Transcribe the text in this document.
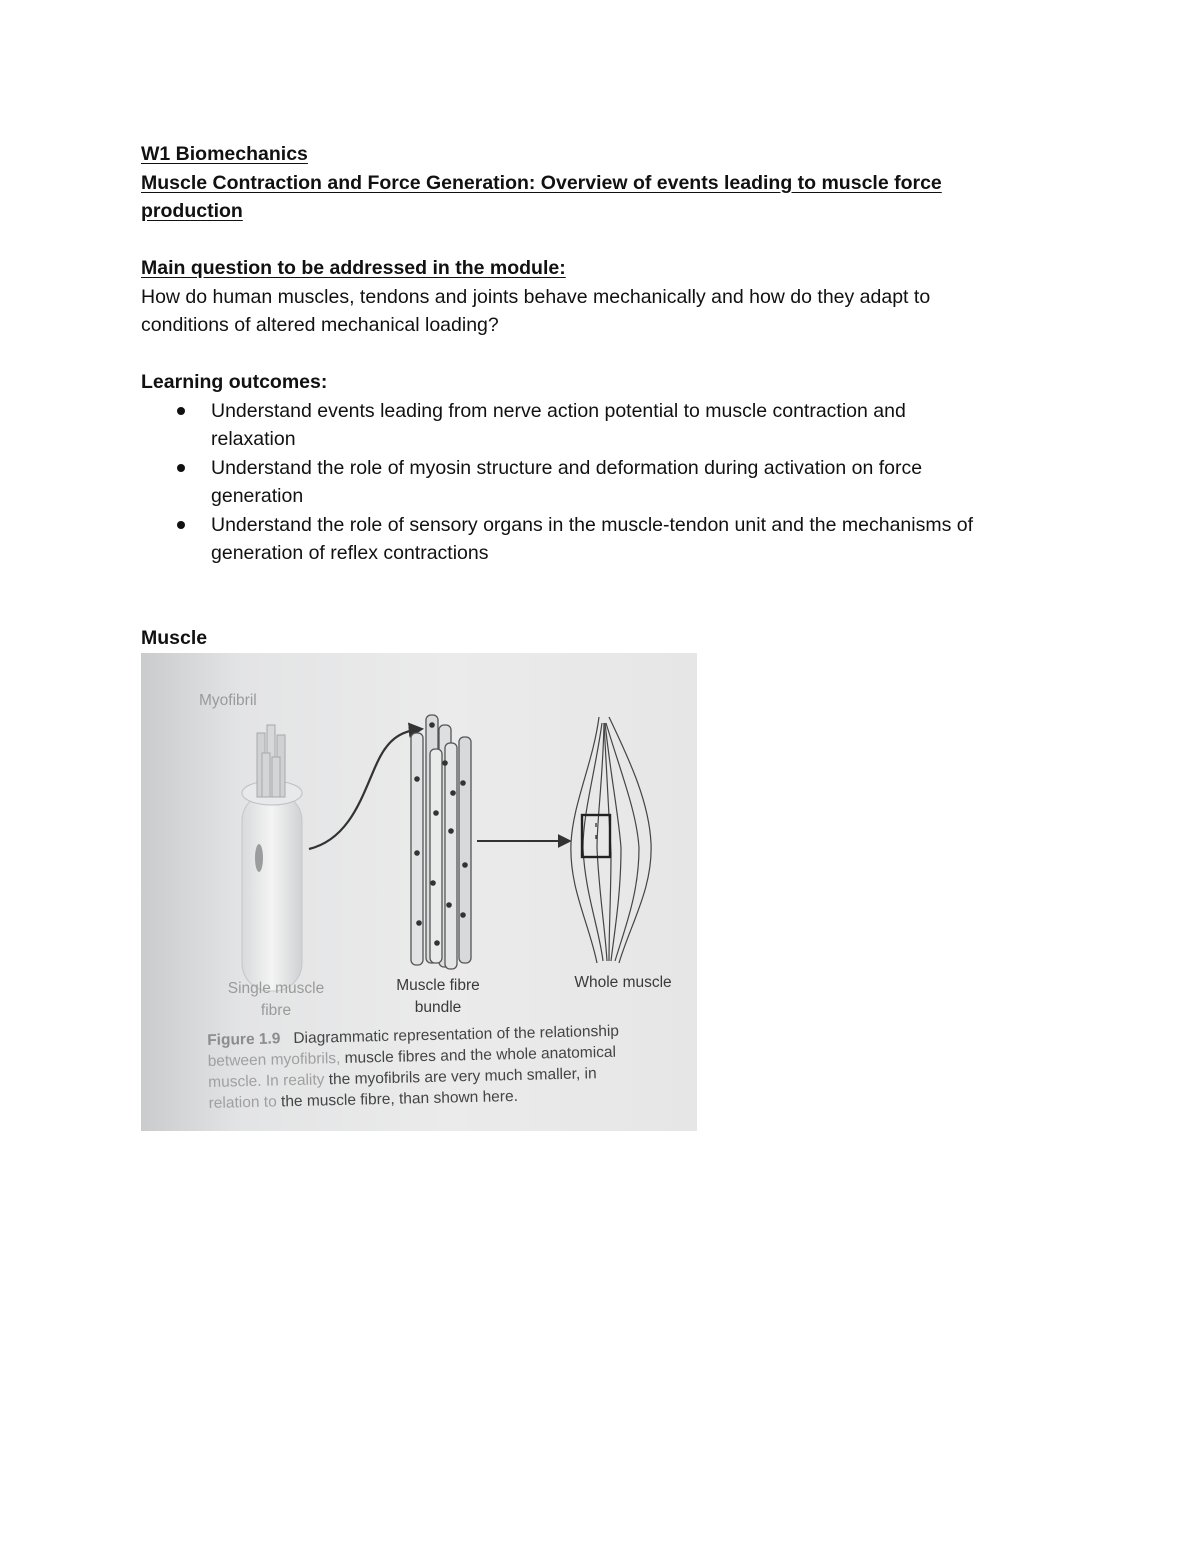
W1 Biomechanics

Muscle Contraction and Force Generation: Overview of events leading to muscle force

production

Main question to be addressed in the module:

How do human muscles, tendons and joints behave mechanically and how do they adapt to

conditions of altered mechanical loading?

Learning outcomes:

Understand events leading from nerve action potential to muscle contraction and
relaxation
Understand the role of myosin structure and deformation during activation on force
generation
Understand the role of sensory organs in the muscle-tendon unit and the mechanisms of
generation of reflex contractions
Muscle
Myofibril
Single muscle
fibre
Muscle fibre
bundle
Whole muscle
Figure 1.9 Diagrammatic representation of the relationship
between myofibrils, muscle fibres and the whole anatomical
muscle. In reality the myofibrils are very much smaller, in
relation to the muscle fibre, than shown here.
